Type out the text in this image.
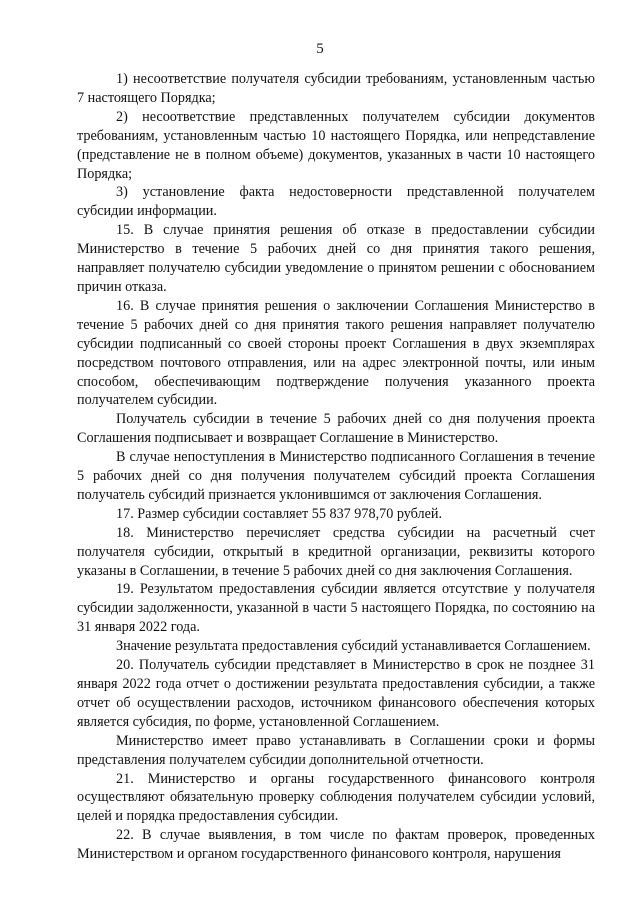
5

1) несоответствие получателя субсидии требованиям, установленным частью 7 настоящего Порядка;

2) несоответствие представленных получателем субсидии документов требованиям, установленным частью 10 настоящего Порядка, или непредставление (представление не в полном объеме) документов, указанных в части 10 настоящего Порядка;

3) установление факта недостоверности представленной получателем субсидии информации.

15. В случае принятия решения об отказе в предоставлении субсидии Министерство в течение 5 рабочих дней со дня принятия такого решения, направляет получателю субсидии уведомление о принятом решении с обоснованием причин отказа.

16. В случае принятия решения о заключении Соглашения Министерство в течение 5 рабочих дней со дня принятия такого решения направляет получателю субсидии подписанный со своей стороны проект Соглашения в двух экземплярах посредством почтового отправления, или на адрес электронной почты, или иным способом, обеспечивающим подтверждение получения указанного проекта получателем субсидии.

Получатель субсидии в течение 5 рабочих дней со дня получения проекта Соглашения подписывает и возвращает Соглашение в Министерство.

В случае непоступления в Министерство подписанного Соглашения в течение 5 рабочих дней со дня получения получателем субсидий проекта Соглашения получатель субсидий признается уклонившимся от заключения Соглашения.

17. Размер субсидии составляет 55 837 978,70 рублей.

18. Министерство перечисляет средства субсидии на расчетный счет получателя субсидии, открытый в кредитной организации, реквизиты которого указаны в Соглашении, в течение 5 рабочих дней со дня заключения Соглашения.

19. Результатом предоставления субсидии является отсутствие у получателя субсидии задолженности, указанной в части 5 настоящего Порядка, по состоянию на 31 января 2022 года.

Значение результата предоставления субсидий устанавливается Соглашением.

20. Получатель субсидии представляет в Министерство в срок не позднее 31 января 2022 года отчет о достижении результата предоставления субсидии, а также отчет об осуществлении расходов, источником финансового обеспечения которых является субсидия, по форме, установленной Соглашением.

Министерство имеет право устанавливать в Соглашении сроки и формы представления получателем субсидии дополнительной отчетности.

21. Министерство и органы государственного финансового контроля осуществляют обязательную проверку соблюдения получателем субсидии условий, целей и порядка предоставления субсидии.

22. В случае выявления, в том числе по фактам проверок, проведенных Министерством и органом государственного финансового контроля, нарушения
